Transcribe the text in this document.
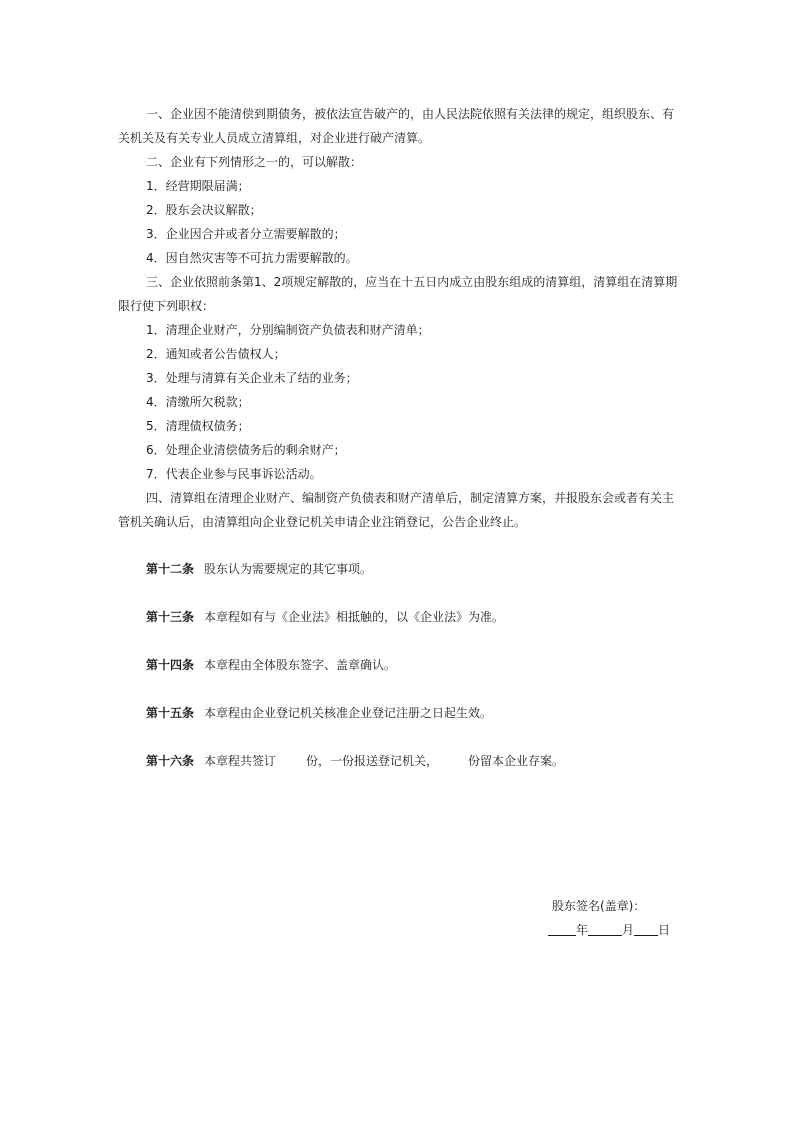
一、企业因不能清偿到期债务，被依法宣告破产的，由人民法院依照有关法律的规定，组织股东、有关机关及有关专业人员成立清算组，对企业进行破产清算。

二、企业有下列情形之一的，可以解散：

1．经营期限届满；

2．股东会决议解散；

3．企业因合并或者分立需要解散的；

4．因自然灾害等不可抗力需要解散的。

三、企业依照前条第1、2项规定解散的，应当在十五日内成立由股东组成的清算组，清算组在清算期限行使下列职权：

1．清理企业财产，分别编制资产负债表和财产清单；

2．通知或者公告债权人；

3．处理与清算有关企业未了结的业务；

4．清缴所欠税款；

5．清理债权债务；

6．处理企业清偿债务后的剩余财产；

7．代表企业参与民事诉讼活动。

四、清算组在清理企业财产、编制资产负债表和财产清单后，制定清算方案，并报股东会或者有关主管机关确认后，由清算组向企业登记机关申请企业注销登记，公告企业终止。

第十二条 股东认为需要规定的其它事项。

第十三条 本章程如有与《企业法》相抵触的，以《企业法》为准。

第十四条 本章程由全体股东签字、盖章确认。

第十五条 本章程由企业登记机关核准企业登记注册之日起生效。

第十六条 本章程共签订	份，一份报送登记机关，	份留本企业存案。

股东签名(盖章)：
年	月 日
